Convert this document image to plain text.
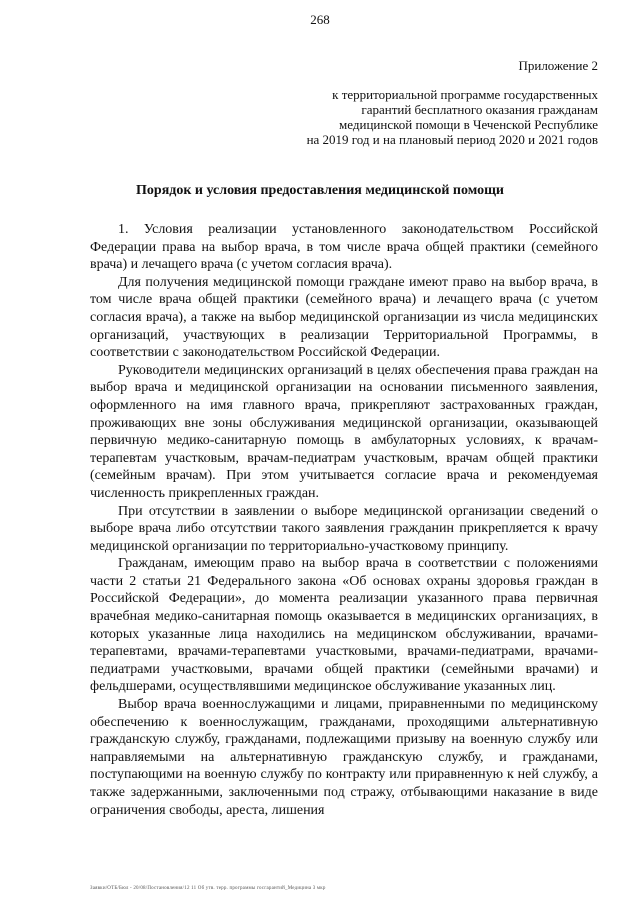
268
Приложение 2
к территориальной программе государственных
гарантий бесплатного оказания гражданам
медицинской помощи в Чеченской Республике
на 2019 год и на плановый период 2020 и 2021 годов
Порядок и условия предоставления медицинской помощи

1. Условия реализации установленного законодательством Российской Федерации права на выбор врача, в том числе врача общей практики (семейного врача) и лечащего врача (с учетом согласия врача).

Для получения медицинской помощи граждане имеют право на выбор врача, в том числе врача общей практики (семейного врача) и лечащего врача (с учетом согласия врача), а также на выбор медицинской организации из числа медицинских организаций, участвующих в реализации Территориальной Программы, в соответствии с законодательством Российской Федерации.

Руководители медицинских организаций в целях обеспечения права граждан на выбор врача и медицинской организации на основании письменного заявления, оформленного на имя главного врача, прикрепляют застрахованных граждан, проживающих вне зоны обслуживания медицинской организации, оказывающей первичную медико-санитарную помощь в амбулаторных условиях, к врачам-терапевтам участковым, врачам-педиатрам участковым, врачам общей практики (семейным врачам). При этом учитывается согласие врача и рекомендуемая численность прикрепленных граждан.

При отсутствии в заявлении о выборе медицинской организации сведений о выборе врача либо отсутствии такого заявления гражданин прикрепляется к врачу медицинской организации по территориально-участковому принципу.

Гражданам, имеющим право на выбор врача в соответствии с положениями части 2 статьи 21 Федерального закона «Об основах охраны здоровья граждан в Российской Федерации», до момента реализации указанного права первичная врачебная медико-санитарная помощь оказывается в медицинских организациях, в которых указанные лица находились на медицинском обслуживании, врачами-терапевтами, врачами-терапевтами участковыми, врачами-педиатрами, врачами-педиатрами участковыми, врачами общей практики (семейными врачами) и фельдшерами, осуществлявшими медицинское обслуживание указанных лиц.

Выбор врача военнослужащими и лицами, приравненными по медицинскому обеспечению к военнослужащим, гражданами, проходящими альтернативную гражданскую службу, гражданами, подлежащими призыву на военную службу или направляемыми на альтернативную гражданскую службу, и гражданами, поступающими на военную службу по контракту или приравненную к ней службу, а также задержанными, заключенными под стражу, отбывающими наказание в виде ограничения свободы, ареста, лишения

Заявки/ОТБ/Бюл - 20/08/Постановления/12 11 Об утв. терр. программы госгарантий_Медицина 3 мкр
